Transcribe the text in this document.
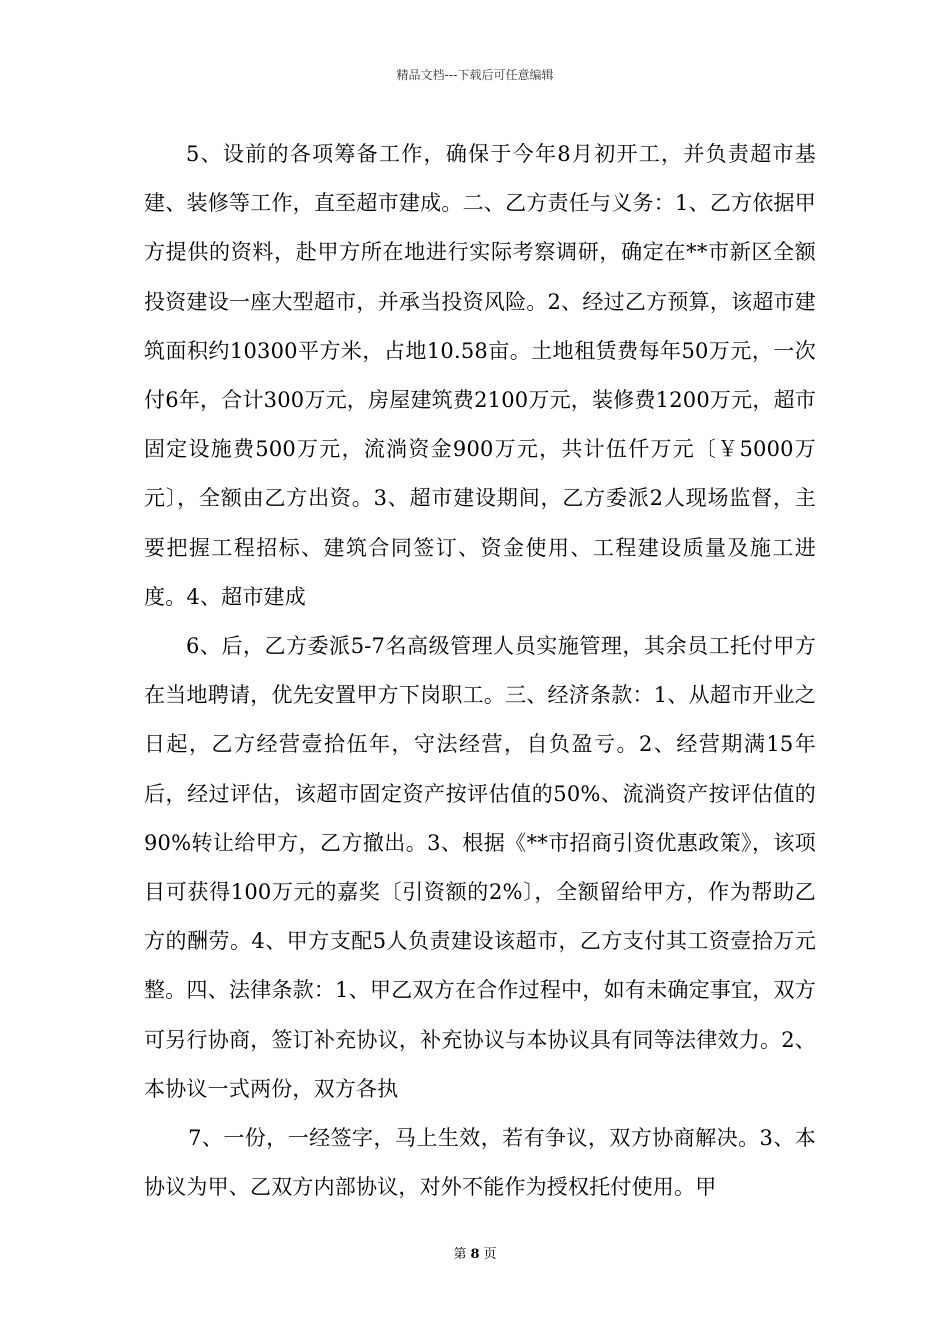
精品文档---下载后可任意编辑

5、设前的各项筹备工作，确保于今年8月初开工，并负责超市基建、装修等工作，直至超市建成。二、乙方责任与义务：1、乙方依据甲方提供的资料，赴甲方所在地进行实际考察调研，确定在**市新区全额投资建设一座大型超市，并承当投资风险。2、经过乙方预算，该超市建筑面积约10300平方米，占地10.58亩。土地租赁费每年50万元，一次付6年，合计300万元，房屋建筑费2100万元，装修费1200万元，超市固定设施费500万元，流淌资金900万元，共计伍仟万元〔￥5000万元〕，全额由乙方出资。3、超市建设期间，乙方委派2人现场监督，主要把握工程招标、建筑合同签订、资金使用、工程建设质量及施工进度。4、超市建成

6、后，乙方委派5-7名高级管理人员实施管理，其余员工托付甲方在当地聘请，优先安置甲方下岗职工。三、经济条款：1、从超市开业之日起，乙方经营壹拾伍年，守法经营，自负盈亏。2、经营期满15年后，经过评估，该超市固定资产按评估值的50%、流淌资产按评估值的90%转让给甲方，乙方撤出。3、根据《**市招商引资优惠政策》，该项目可获得100万元的嘉奖〔引资额的2%〕，全额留给甲方，作为帮助乙方的酬劳。4、甲方支配5人负责建设该超市，乙方支付其工资壹拾万元整。四、法律条款：1、甲乙双方在合作过程中，如有未确定事宜，双方可另行协商，签订补充协议，补充协议与本协议具有同等法律效力。2、本协议一式两份，双方各执

7、一份，一经签字，马上生效，若有争议，双方协商解决。3、本协议为甲、乙双方内部协议，对外不能作为授权托付使用。甲

第 8 页
